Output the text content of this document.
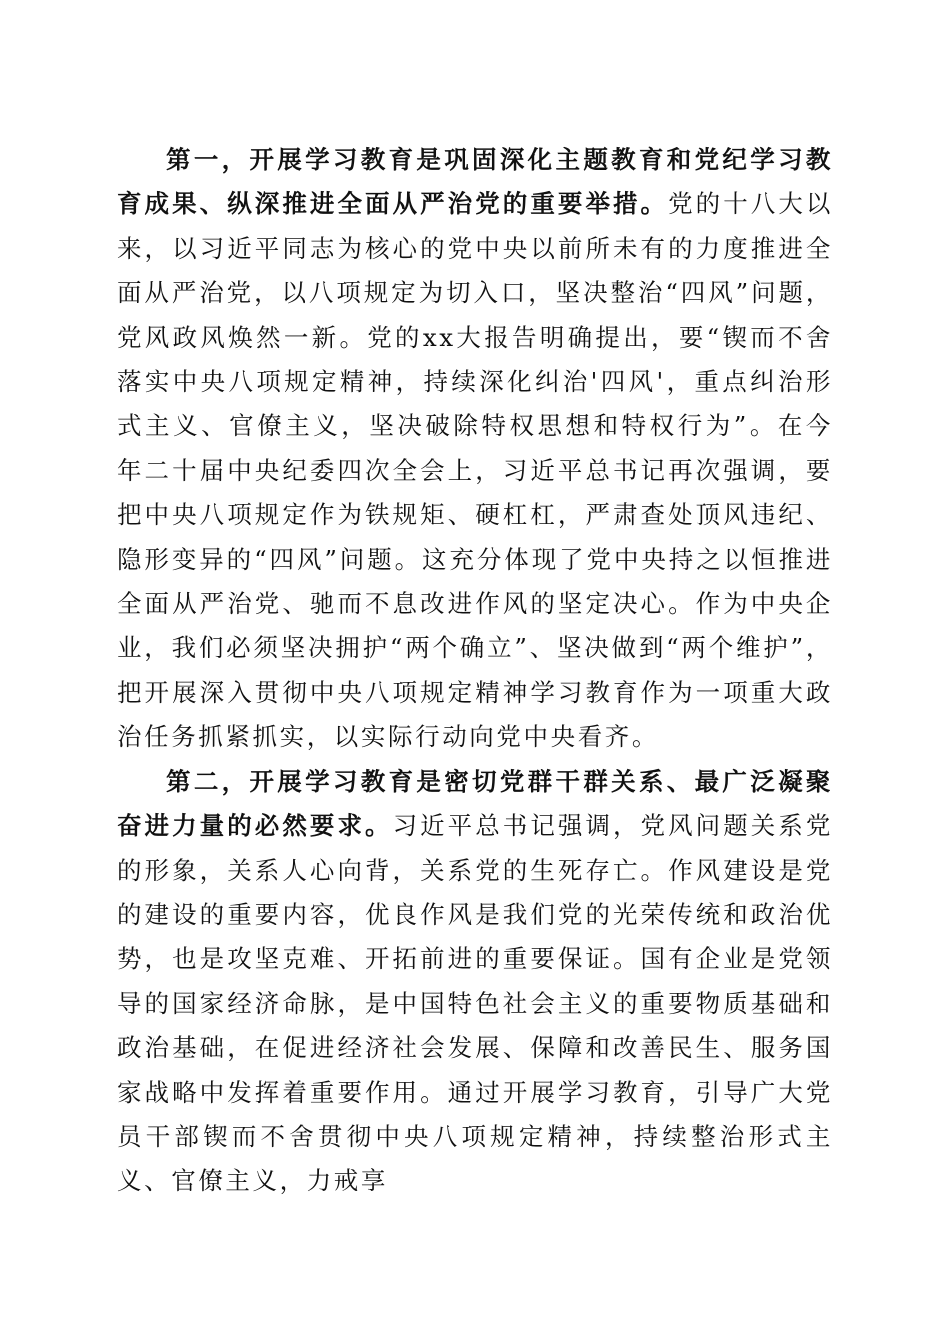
第一，开展学习教育是巩固深化主题教育和党纪学习教育成果、纵深推进全面从严治党的重要举措。党的十八大以来，以习近平同志为核心的党中央以前所未有的力度推进全面从严治党，以八项规定为切入口，坚决整治“四风”问题，党风政风焕然一新。党的xx大报告明确提出，要“锲而不舍落实中央八项规定精神，持续深化纠治'四风'，重点纠治形式主义、官僚主义，坚决破除特权思想和特权行为”。在今年二十届中央纪委四次全会上，习近平总书记再次强调，要把中央八项规定作为铁规矩、硬杠杠，严肃查处顶风违纪、隐形变异的“四风”问题。这充分体现了党中央持之以恒推进全面从严治党、驰而不息改进作风的坚定决心。作为中央企业，我们必须坚决拥护“两个确立”、坚决做到“两个维护”，把开展深入贯彻中央八项规定精神学习教育作为一项重大政治任务抓紧抓实，以实际行动向党中央看齐。

第二，开展学习教育是密切党群干群关系、最广泛凝聚奋进力量的必然要求。习近平总书记强调，党风问题关系党的形象，关系人心向背，关系党的生死存亡。作风建设是党的建设的重要内容，优良作风是我们党的光荣传统和政治优势，也是攻坚克难、开拓前进的重要保证。国有企业是党领导的国家经济命脉，是中国特色社会主义的重要物质基础和政治基础，在促进经济社会发展、保障和改善民生、服务国家战略中发挥着重要作用。通过开展学习教育，引导广大党员干部锲而不舍贯彻中央八项规定精神，持续整治形式主义、官僚主义，力戒享
